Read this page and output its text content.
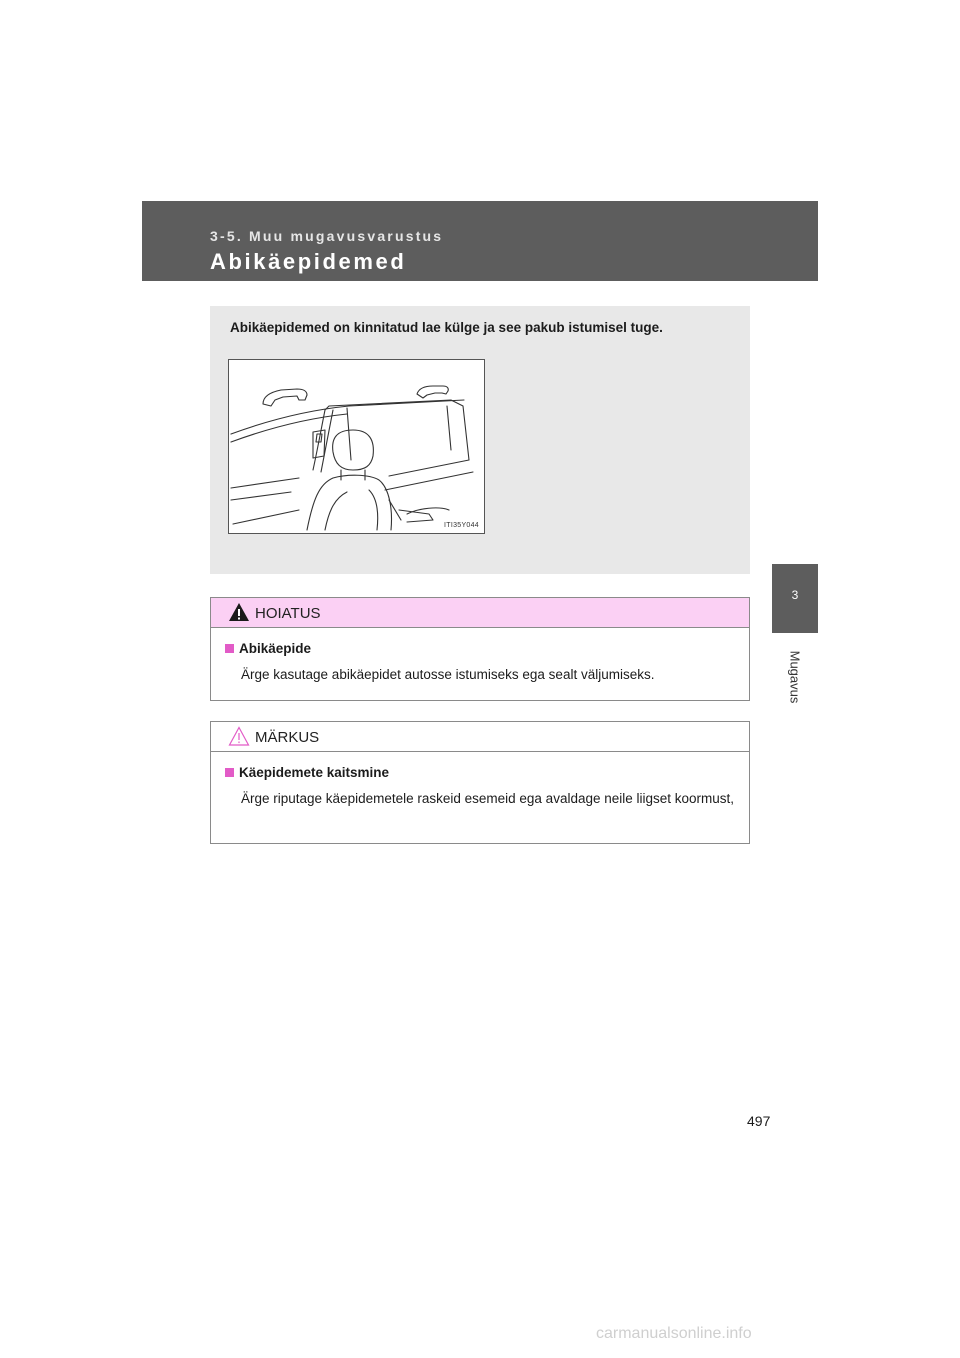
3-5. Muu mugavusvarustus
Abikäepidemed
3
Mugavus
Abikäepidemed on kinnitatud lae külge ja see pakub istumisel tuge.
ITI35Y044
HOIATUS
Abikäepide
Ärge kasutage abikäepidet autosse istumiseks ega sealt väljumiseks.
MÄRKUS
Käepidemete kaitsmine
Ärge riputage käepidemetele raskeid esemeid ega avaldage neile liigset koormust,
497
carmanualsonline.info
